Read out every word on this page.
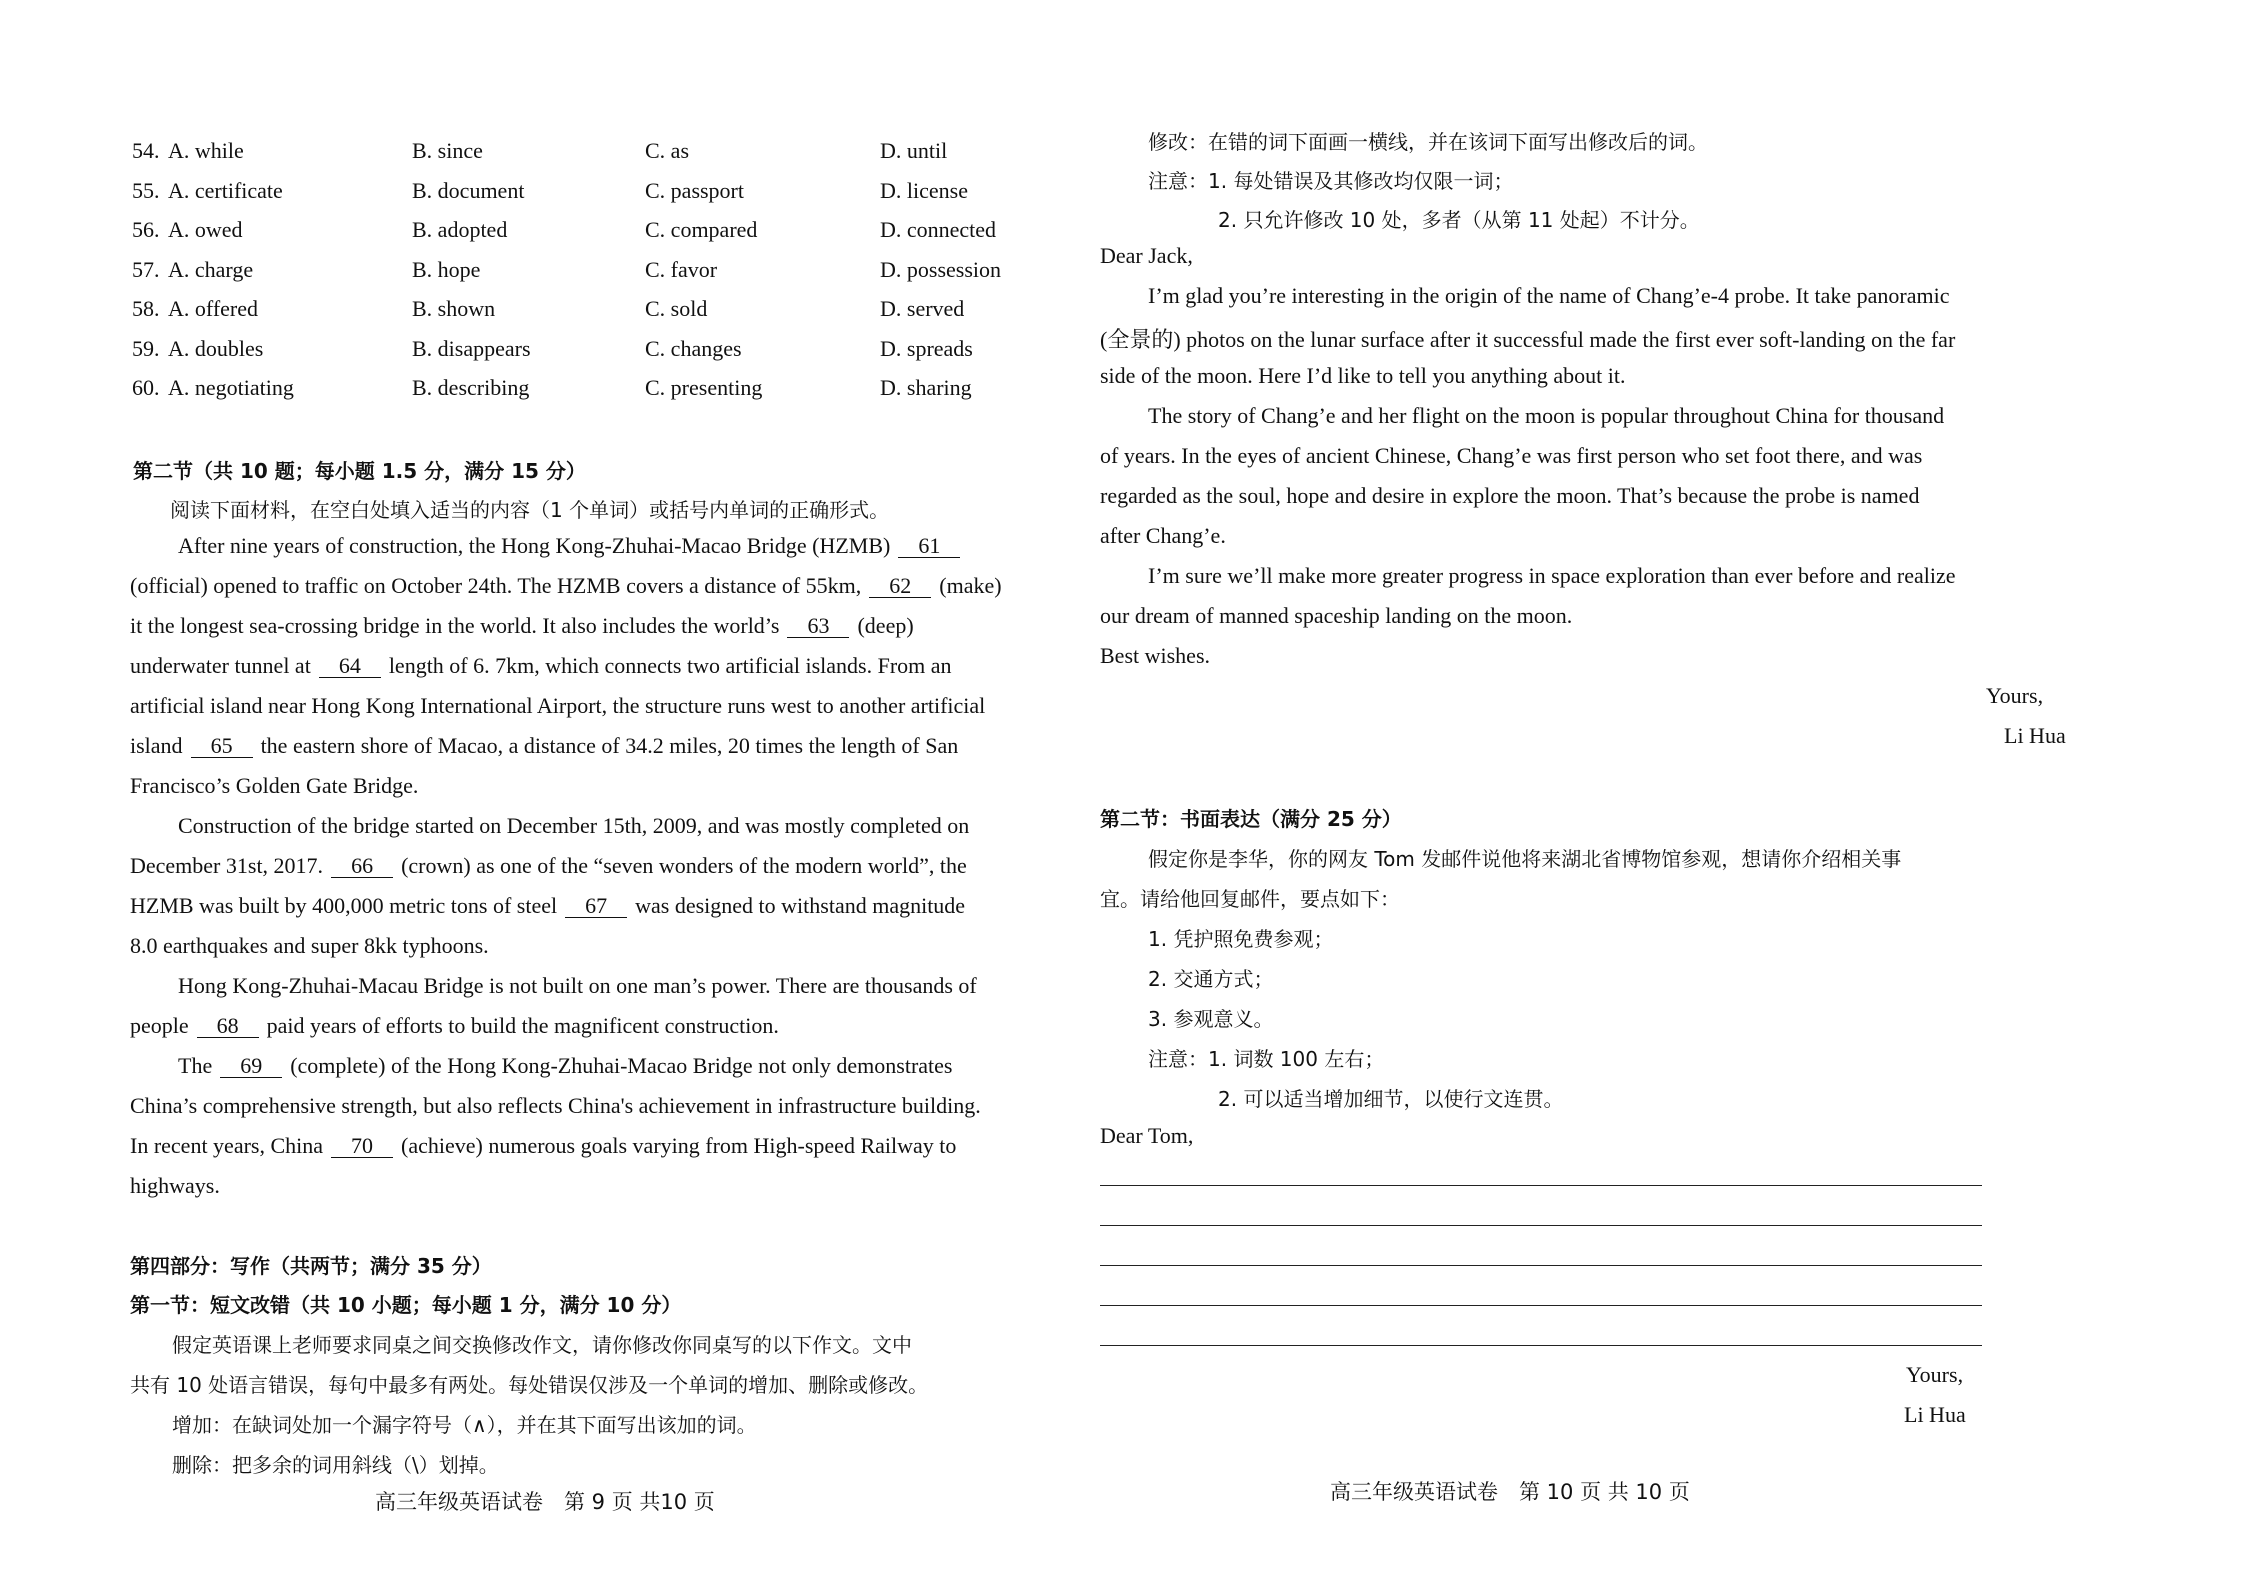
54. A. while	B. since	C. as	D. until
55. A. certificate	B. document	C. passport	D. license
56. A. owed	B. adopted	C. compared	D. connected
57. A. charge	B. hope	C. favor	D. possession
58. A. offered	B. shown	C. sold	D. served
59. A. doubles	B. disappears	C. changes	D. spreads
60. A. negotiating	B. describing	C. presenting	D. sharing
第二节（共 10 题；每小题 1.5 分，满分 15 分）
阅读下面材料，在空白处填入适当的内容（1 个单词）或括号内单词的正确形式。
After nine years of construction, the Hong Kong-Zhuhai-Macao Bridge (HZMB) 61
(official) opened to traffic on October 24th. The HZMB covers a distance of 55km, 62 (make)
it the longest sea-crossing bridge in the world. It also includes the world’s 63 (deep)
underwater tunnel at 64 length of 6. 7km, which connects two artificial islands. From an
artificial island near Hong Kong International Airport, the structure runs west to another artificial
island 65 the eastern shore of Macao, a distance of 34.2 miles, 20 times the length of San
Francisco’s Golden Gate Bridge.
Construction of the bridge started on December 15th, 2009, and was mostly completed on
December 31st, 2017. 66 (crown) as one of the “seven wonders of the modern world”, the
HZMB was built by 400,000 metric tons of steel 67 was designed to withstand magnitude
8.0 earthquakes and super 8kk typhoons.
Hong Kong-Zhuhai-Macau Bridge is not built on one man’s power. There are thousands of
people 68 paid years of efforts to build the magnificent construction.
The 69 (complete) of the Hong Kong-Zhuhai-Macao Bridge not only demonstrates
China’s comprehensive strength, but also reflects China's achievement in infrastructure building.
In recent years, China 70 (achieve) numerous goals varying from High-speed Railway to
highways.
第四部分：写作（共两节；满分 35 分）
第一节：短文改错（共 10 小题；每小题 1 分，满分 10 分）
假定英语课上老师要求同桌之间交换修改作文，请你修改你同桌写的以下作文。文中
共有 10 处语言错误，每句中最多有两处。每处错误仅涉及一个单词的增加、删除或修改。
增加：在缺词处加一个漏字符号（∧），并在其下面写出该加的词。
删除：把多余的词用斜线（\）划掉。
高三年级英语试卷　第 9 页 共10 页
修改：在错的词下面画一横线，并在该词下面写出修改后的词。
注意：1. 每处错误及其修改均仅限一词；
2. 只允许修改 10 处，多者（从第 11 处起）不计分。
Dear Jack,
I’m glad you’re interesting in the origin of the name of Chang’e-4 probe. It take panoramic
(全景的) photos on the lunar surface after it successful made the first ever soft-landing on the far
side of the moon. Here I’d like to tell you anything about it.
The story of Chang’e and her flight on the moon is popular throughout China for thousand
of years. In the eyes of ancient Chinese, Chang’e was first person who set foot there, and was
regarded as the soul, hope and desire in explore the moon. That’s because the probe is named
after Chang’e.
I’m sure we’ll make more greater progress in space exploration than ever before and realize
our dream of manned spaceship landing on the moon.
Best wishes.
Yours,
Li Hua
第二节：书面表达（满分 25 分）
假定你是李华，你的网友 Tom 发邮件说他将来湖北省博物馆参观，想请你介绍相关事
宜。请给他回复邮件，要点如下：
1. 凭护照免费参观；
2. 交通方式；
3. 参观意义。
注意：1. 词数 100 左右；
2. 可以适当增加细节，以使行文连贯。
Dear Tom,
Yours,
Li Hua
高三年级英语试卷　第 10 页 共 10 页
